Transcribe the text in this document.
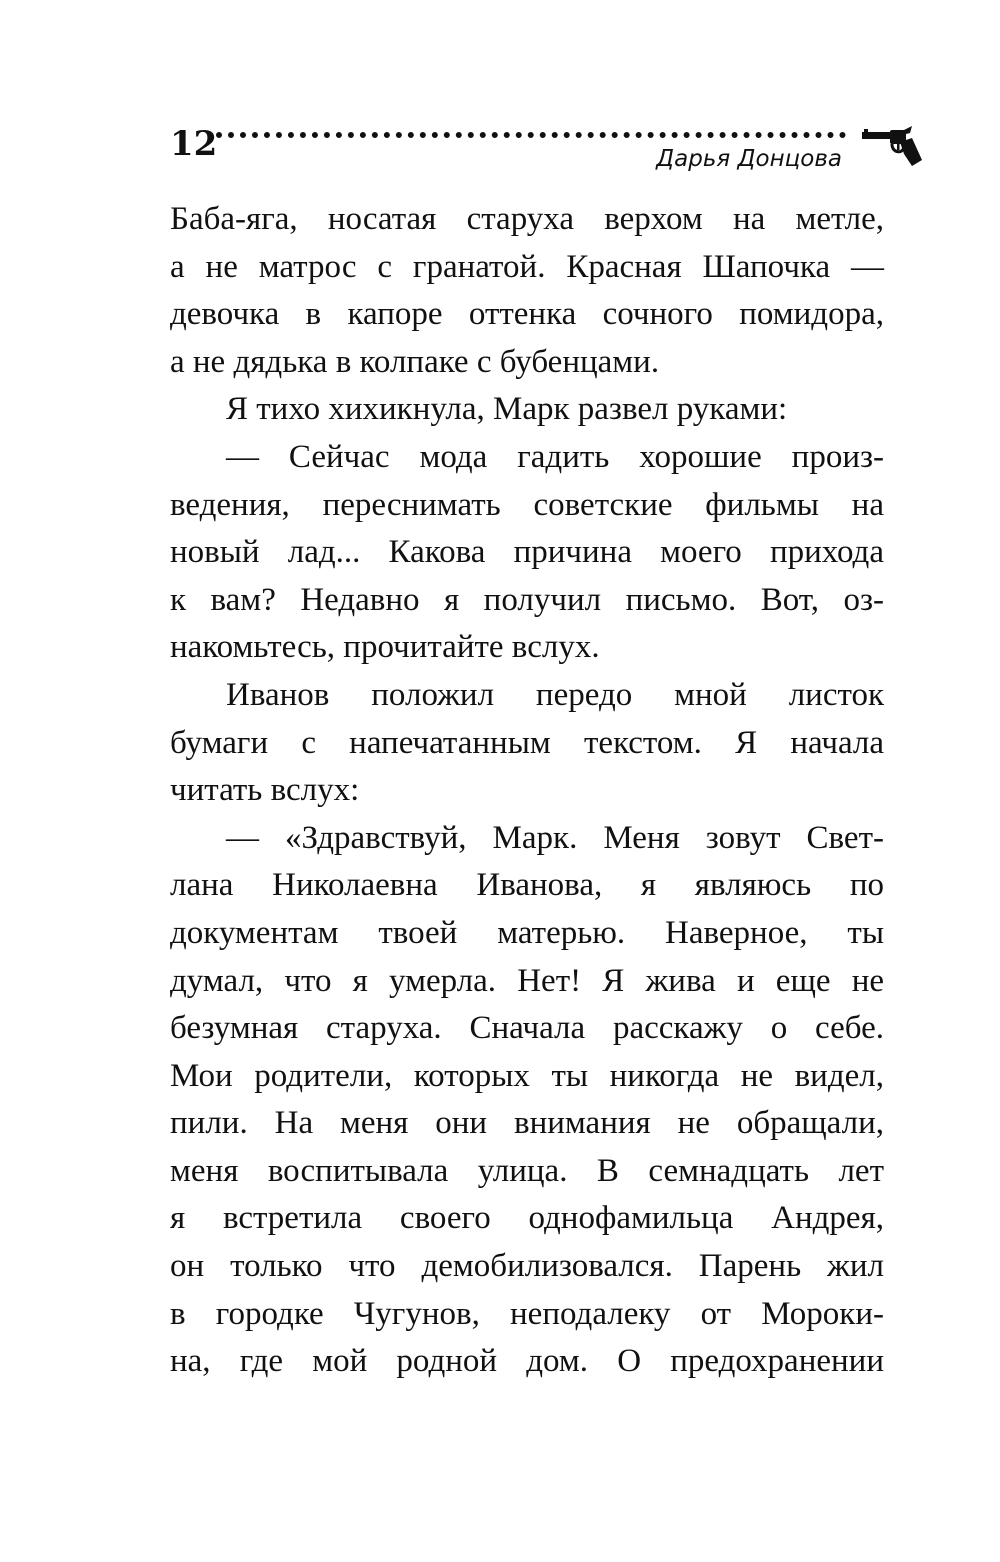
12	Дарья Донцова
Баба-яга, носатая старуха верхом на метле,
а не матрос с гранатой. Красная Шапочка —
девочка в капоре оттенка сочного помидора,
а не дядька в колпаке с бубенцами.
Я тихо хихикнула, Марк развел руками:
— Сейчас мода гадить хорошие произ-
ведения, переснимать советские фильмы на
новый лад... Какова причина моего прихода
к вам? Недавно я получил письмо. Вот, оз-
накомьтесь, прочитайте вслух.
Иванов положил передо мной листок
бумаги с напечатанным текстом. Я начала
читать вслух:
— «Здравствуй, Марк. Меня зовут Свет-
лана Николаевна Иванова, я являюсь по
документам твоей матерью. Наверное, ты
думал, что я умерла. Нет! Я жива и еще не
безумная старуха. Сначала расскажу о себе.
Мои родители, которых ты никогда не видел,
пили. На меня они внимания не обращали,
меня воспитывала улица. В семнадцать лет
я встретила своего однофамильца Андрея,
он только что демобилизовался. Парень жил
в городке Чугунов, неподалеку от Мороки-
на, где мой родной дом. О предохранении
